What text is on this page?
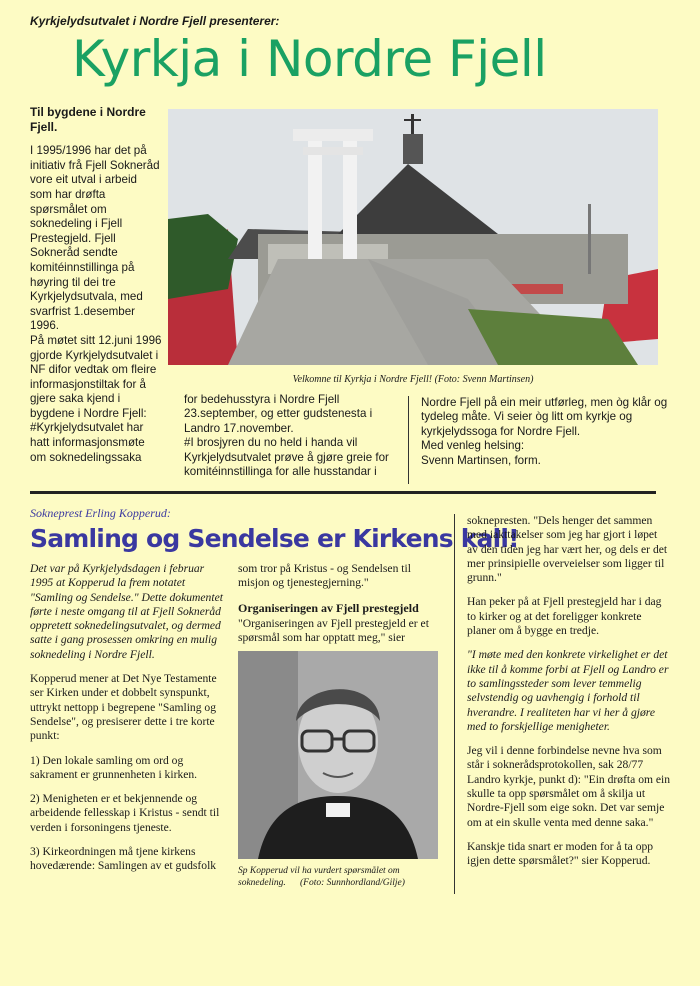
Kyrkjelydsutvalet i Nordre Fjell presenterer:
Kyrkja i Nordre Fjell
Til bygdene i Nordre Fjell.

I 1995/1996 har det på initiativ frå Fjell Sokneråd vore eit utval i arbeid som har drøfta spørsmålet om soknedeling i Fjell Prestegjeld. Fjell Sokneråd sendte komitéinnstillinga på høyring til dei tre Kyrkjelydsutvala, med svarfrist 1.desember 1996.

På møtet sitt 12.juni 1996 gjorde Kyrkjelydsutvalet i NF difor vedtak om fleire informasjonstiltak for å gjere saka kjend i bygdene i Nordre Fjell:

#Kyrkjelydsutvalet har hatt informasjonsmøte om soknedelingssaka

Velkomne til Kyrkja i Nordre Fjell! (Foto: Svenn Martinsen)

for bedehusstyra i Nordre Fjell 23.september, og etter gudstenesta i Landro 17.november.

#I brosjyren du no held i handa vil Kyrkjelydsutvalet prøve å gjøre greie for komitéinnstillinga for alle husstandar i

Nordre Fjell på ein meir utførleg, men òg klår og tydeleg måte. Vi seier òg litt om kyrkje og kyrkjelydssoga for Nordre Fjell.

Med venleg helsing:

Svenn Martinsen, form.

Sokneprest Erling Kopperud:
Samling og Sendelse er Kirkens kall!

Det var på Kyrkjelydsdagen i februar 1995 at Kopperud la frem notatet "Samling og Sendelse." Dette dokumentet førte i neste omgang til at Fjell Sokneråd oppretett soknedelingsutvalet, og dermed satte i gang prosessen omkring en mulig soknedeling i Nordre Fjell.

Kopperud mener at Det Nye Testamente ser Kirken under et dobbelt synspunkt, uttrykt nettopp i begrepene "Samling og Sendelse", og presiserer dette i tre korte punkt:

1) Den lokale samling om ord og sakrament er grunnenheten i kirken.

2) Menigheten er et bekjennende og arbeidende fellesskap i Kristus - sendt til verden i forsoningens tjeneste.

3) Kirkeordningen må tjene kirkens hovedærende: Samlingen av et gudsfolk

som tror på Kristus - og Sendelsen til misjon og tjenestegjerning."

Organiseringen av Fjell prestegjeld

"Organiseringen av Fjell prestegjeld er et spørsmål som har opptatt meg," sier

Sp Kopperud vil ha vurdert spørsmålet om
soknedeling. (Foto: Sunnhordland/Gilje)

soknepresten. "Dels henger det sammen med iakttakelser som jeg har gjort i løpet av den tiden jeg har vært her, og dels er det mer prinsipielle overveielser som ligger til grunn."

Han peker på at Fjell prestegjeld har i dag to kirker og at det foreligger konkrete planer om å bygge en tredje.

"I møte med den konkrete virkelighet er det ikke til å komme forbi at Fjell og Landro er to samlingssteder som lever temmelig selvstendig og uavhengig i forhold til hverandre. I realiteten har vi her å gjøre med to forskjellige menigheter.

Jeg vil i denne forbindelse nevne hva som står i soknerådsprotokollen, sak 28/77 Landro kyrkje, punkt d): "Ein drøfta om ein skulle ta opp spørsmålet om å skilja ut Nordre-Fjell som eige sokn. Det var semje om at ein skulle venta med denne saka."

Kanskje tida snart er moden for å ta opp igjen dette spørsmålet?" sier Kopperud.
